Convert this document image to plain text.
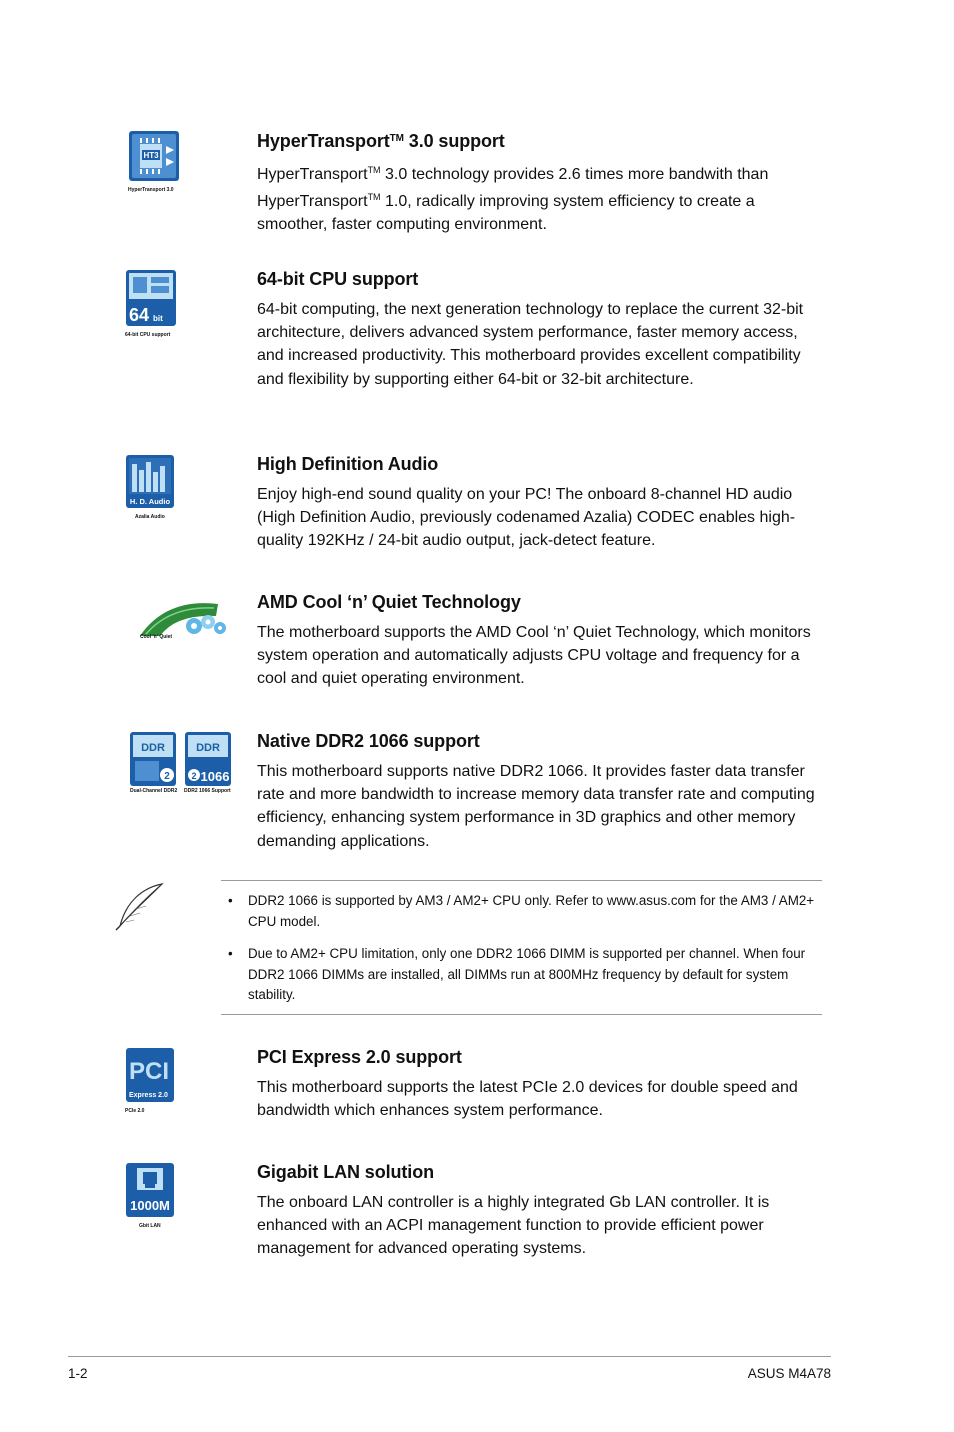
HT3
HyperTransport 3.0
HyperTransport™ 3.0 support

HyperTransport™ 3.0 technology provides 2.6 times more bandwith than HyperTransport™ 1.0, radically improving system efficiency to create a smoother, faster computing environment.

64 bit
64-bit CPU support
64-bit CPU support

64-bit computing, the next generation technology to replace the current 32-bit architecture, delivers advanced system performance, faster memory access, and increased productivity. This motherboard provides excellent compatibility and flexibility by supporting either 64-bit or 32-bit architecture.

H. D. Audio
Azalia Audio
High Definition Audio

Enjoy high-end sound quality on your PC! The onboard 8-channel HD audio (High Definition Audio, previously codenamed Azalia) CODEC enables high-quality 192KHz / 24-bit audio output, jack-detect feature.

Cool 'n' Quiet
AMD Cool ‘n’ Quiet Technology

The motherboard supports the AMD Cool ‘n’ Quiet Technology, which monitors system operation and automatically adjusts CPU voltage and frequency for a cool and quiet operating environment.

DDR
2
DDR
2 1066
Dual-Channel DDR2 DDR2 1066 Support
Native DDR2 1066 support

This motherboard supports native DDR2 1066. It provides faster data transfer rate and more bandwidth to increase memory data transfer rate and computing efficiency, enhancing system performance in 3D graphics and other memory demanding applications.

• DDR2 1066 is supported by AM3 / AM2+ CPU only. Refer to www.asus.com for the AM3 / AM2+ CPU model.
• Due to AM2+ CPU limitation, only one DDR2 1066 DIMM is supported per channel. When four DDR2 1066 DIMMs are installed, all DIMMs run at 800MHz frequency by default for system stability.
PCI
Express 2.0
PCIe 2.0
PCI Express 2.0 support

This motherboard supports the latest PCIe 2.0 devices for double speed and bandwidth which enhances system performance.

1000M
Gbit LAN
Gigabit LAN solution

The onboard LAN controller is a highly integrated Gb LAN controller. It is enhanced with an ACPI management function to provide efficient power management for advanced operating systems.

1-2	ASUS M4A78
